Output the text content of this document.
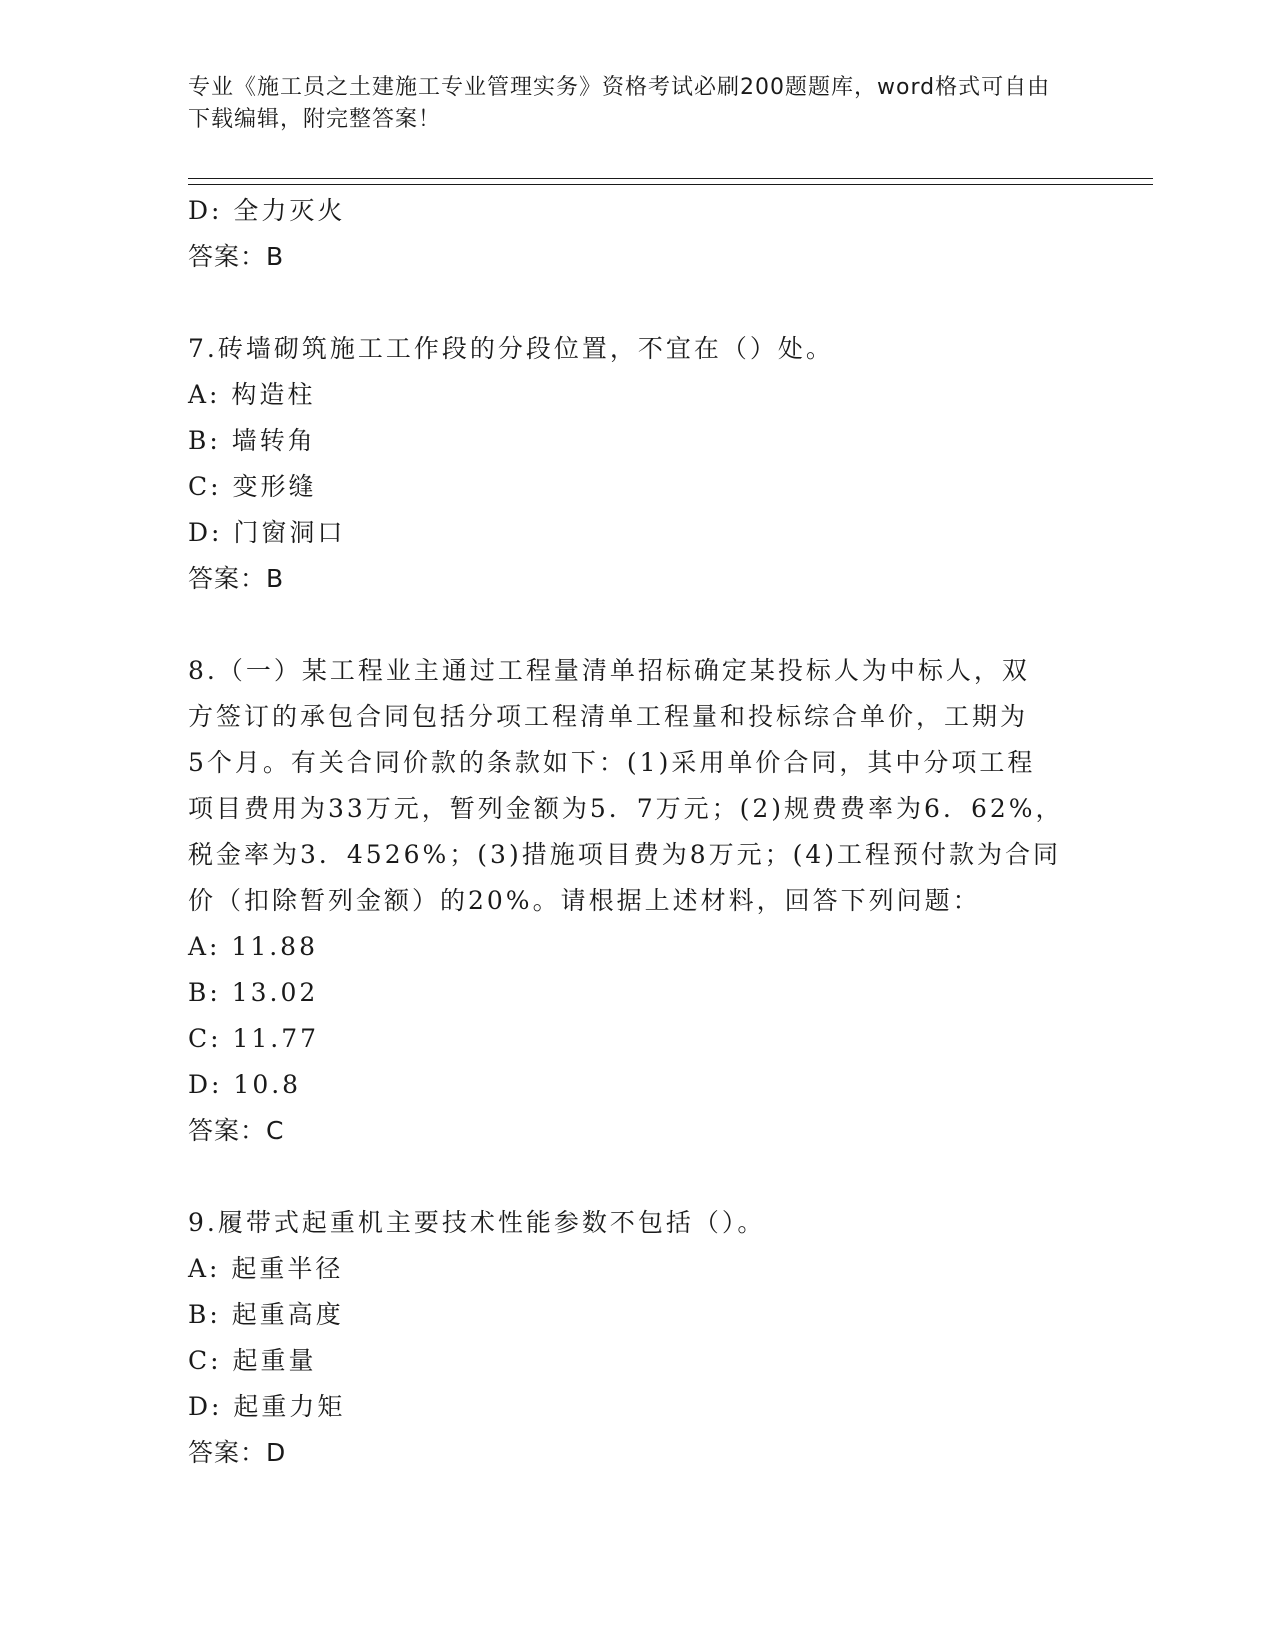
专业《施工员之土建施工专业管理实务》资格考试必刷200题题库，word格式可自由下载编辑，附完整答案！
D: 全力灭火
答案：B
7.砖墙砌筑施工工作段的分段位置，不宜在（）处。
A: 构造柱
B: 墙转角
C: 变形缝
D: 门窗洞口
答案：B
8.（一）某工程业主通过工程量清单招标确定某投标人为中标人，双
方签订的承包合同包括分项工程清单工程量和投标综合单价，工期为
5个月。有关合同价款的条款如下：(1)采用单价合同，其中分项工程
项目费用为33万元，暂列金额为5．7万元；(2)规费费率为6．62%，
税金率为3．4526%；(3)措施项目费为8万元；(4)工程预付款为合同
价（扣除暂列金额）的20%。请根据上述材料，回答下列问题：
A: 11.88
B: 13.02
C: 11.77
D: 10.8
答案：C
9.履带式起重机主要技术性能参数不包括（）。
A: 起重半径
B: 起重高度
C: 起重量
D: 起重力矩
答案：D
